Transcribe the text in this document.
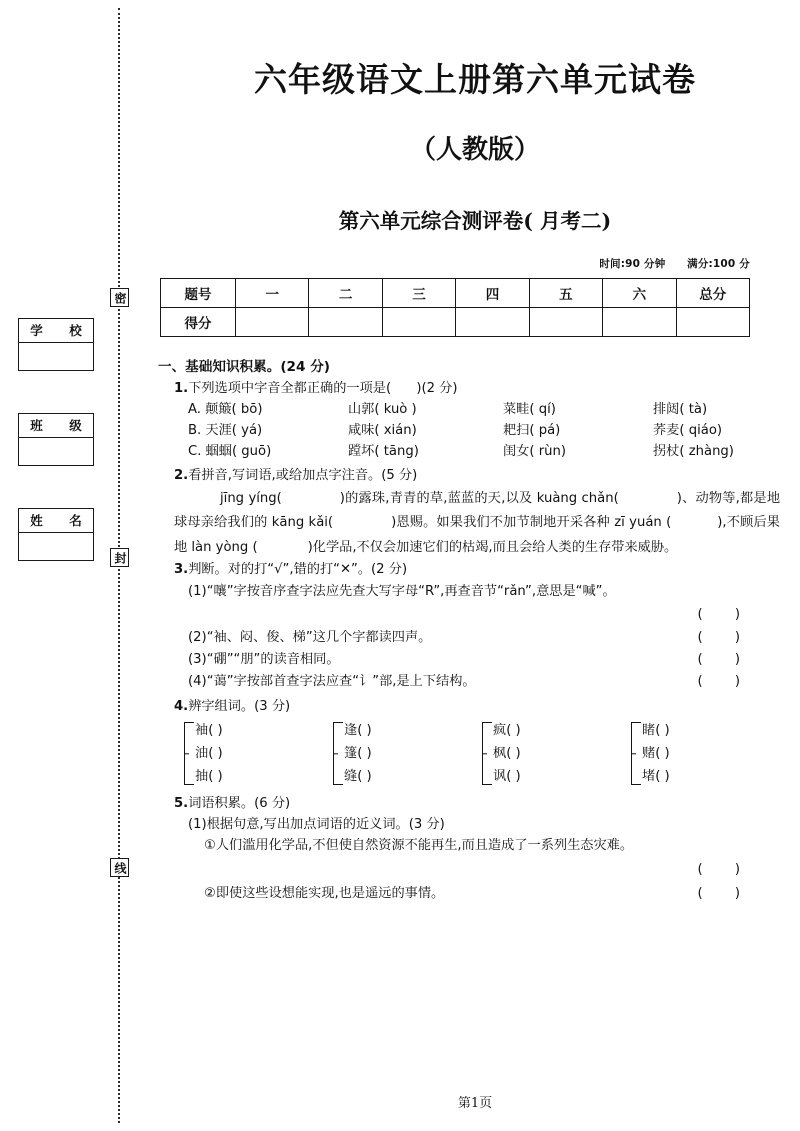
密
封
线
学　校
班　级
姓　名
六年级语文上册第六单元试卷
（人教版）
第六单元综合测评卷( 月考二)
时间:90 分钟 满分:100 分
题号	一	二	三	四	五	六	总分
得分							
一、基础知识积累。(24 分)
1.下列选项中字音全都正确的一项是( )(2 分)
A. 颠簸( bō)	山郭( kuò )	菜畦( qí)	排闼( tà)
B. 天涯( yá)	咸味( xián)	耙扫( pá)	荞麦( qiáo)
C. 蝈蝈( guō)	蹚坏( tāng)	闺女( rùn)	拐杖( zhàng)
2.看拼音,写词语,或给加点字注音。(5 分)
jīng yíng(	)的露珠,青青的草,蓝蓝的天,以及 kuàng chǎn(	)、动物等,都是地球母亲给我们的 kāng kǎi(	)恩赐。如果我们不加节制地开采各种 zī yuán (	),不顾后果地 làn yòng (	)化学品,不仅会加速它们的枯竭,而且会给人类的生存带来威胁。
3.判断。对的打“√”,错的打“✕”。(2 分)
(1)“嚷”字按音序查字法应先查大写字母“R”,再查音节“rǎn”,意思是“喊”。
( )
(2)“袖、闷、俊、梯”这几个字都读四声。	( )
(3)“硼”“朋”的读音相同。	( )
(4)“蔼”字按部首查字法应查“讠”部,是上下结构。	( )
4.辨字组词。(3 分)
袖( )
油( )
抽( )
逢( )
篷( )
缝( )
疯( )
枫( )
讽( )
睹( )
赌( )
堵( )
5.词语积累。(6 分)
(1)根据句意,写出加点词语的近义词。(3 分)
①人们滥用化学品,不但使自然资源不能再生,而且造成了一系列生态灾难。
( )
②即使这些设想能实现,也是遥远的事情。	( )
第1页
